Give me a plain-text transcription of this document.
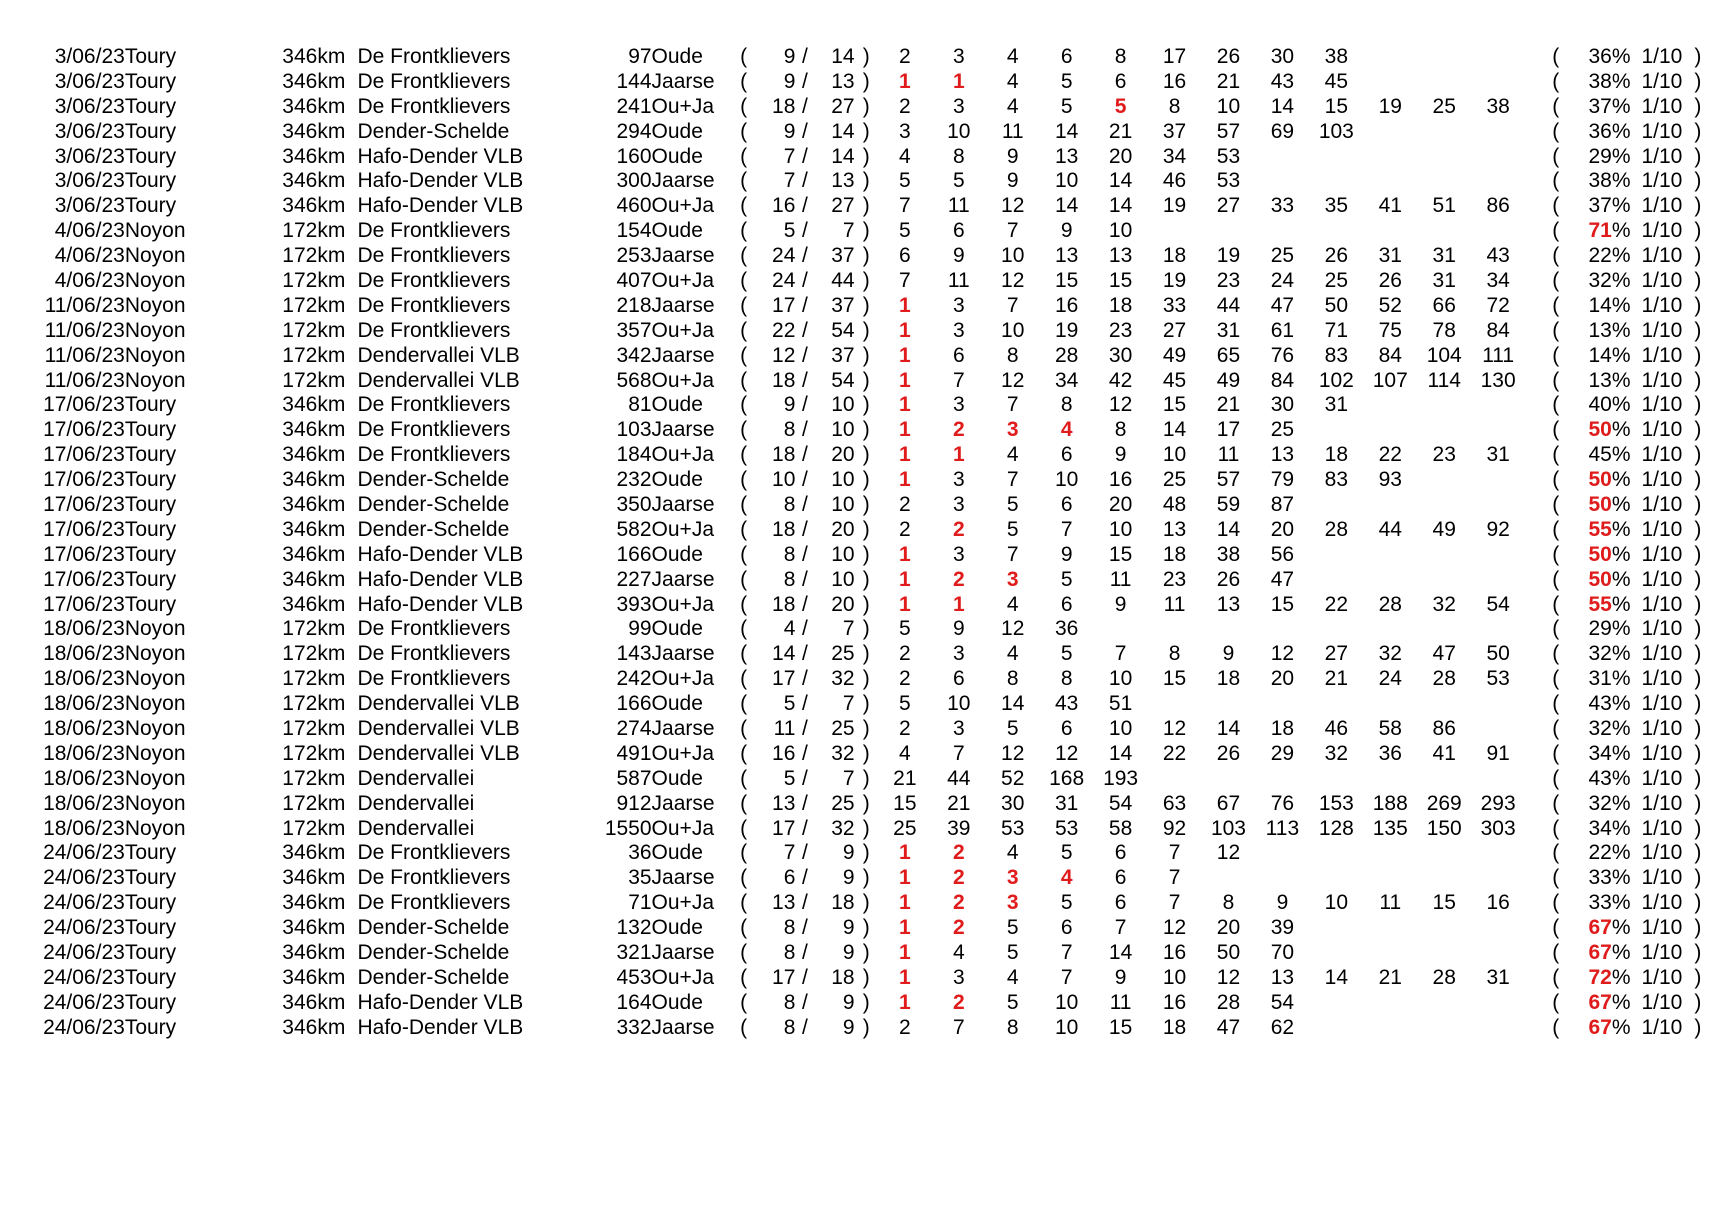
3/06/23	Toury	346	km	De Frontklievers	97	Oude	(	9	/	14	)	2	3	4	6	8	17	26	30	38					(	36	%	1/10	)
3/06/23	Toury	346	km	De Frontklievers	144	Jaarse	(	9	/	13	)	1	1	4	5	6	16	21	43	45					(	38	%	1/10	)
3/06/23	Toury	346	km	De Frontklievers	241	Ou+Ja	(	18	/	27	)	2	3	4	5	5	8	10	14	15	19	25	38		(	37	%	1/10	)
3/06/23	Toury	346	km	Dender-Schelde	294	Oude	(	9	/	14	)	3	10	11	14	21	37	57	69	103					(	36	%	1/10	)
3/06/23	Toury	346	km	Hafo-Dender VLB	160	Oude	(	7	/	14	)	4	8	9	13	20	34	53							(	29	%	1/10	)
3/06/23	Toury	346	km	Hafo-Dender VLB	300	Jaarse	(	7	/	13	)	5	5	9	10	14	46	53							(	38	%	1/10	)
3/06/23	Toury	346	km	Hafo-Dender VLB	460	Ou+Ja	(	16	/	27	)	7	11	12	14	14	19	27	33	35	41	51	86		(	37	%	1/10	)
4/06/23	Noyon	172	km	De Frontklievers	154	Oude	(	5	/	7	)	5	6	7	9	10									(	71	%	1/10	)
4/06/23	Noyon	172	km	De Frontklievers	253	Jaarse	(	24	/	37	)	6	9	10	13	13	18	19	25	26	31	31	43		(	22	%	1/10	)
4/06/23	Noyon	172	km	De Frontklievers	407	Ou+Ja	(	24	/	44	)	7	11	12	15	15	19	23	24	25	26	31	34		(	32	%	1/10	)
11/06/23	Noyon	172	km	De Frontklievers	218	Jaarse	(	17	/	37	)	1	3	7	16	18	33	44	47	50	52	66	72		(	14	%	1/10	)
11/06/23	Noyon	172	km	De Frontklievers	357	Ou+Ja	(	22	/	54	)	1	3	10	19	23	27	31	61	71	75	78	84		(	13	%	1/10	)
11/06/23	Noyon	172	km	Dendervallei VLB	342	Jaarse	(	12	/	37	)	1	6	8	28	30	49	65	76	83	84	104	111		(	14	%	1/10	)
11/06/23	Noyon	172	km	Dendervallei VLB	568	Ou+Ja	(	18	/	54	)	1	7	12	34	42	45	49	84	102	107	114	130		(	13	%	1/10	)
17/06/23	Toury	346	km	De Frontklievers	81	Oude	(	9	/	10	)	1	3	7	8	12	15	21	30	31					(	40	%	1/10	)
17/06/23	Toury	346	km	De Frontklievers	103	Jaarse	(	8	/	10	)	1	2	3	4	8	14	17	25						(	50	%	1/10	)
17/06/23	Toury	346	km	De Frontklievers	184	Ou+Ja	(	18	/	20	)	1	1	4	6	9	10	11	13	18	22	23	31		(	45	%	1/10	)
17/06/23	Toury	346	km	Dender-Schelde	232	Oude	(	10	/	10	)	1	3	7	10	16	25	57	79	83	93				(	50	%	1/10	)
17/06/23	Toury	346	km	Dender-Schelde	350	Jaarse	(	8	/	10	)	2	3	5	6	20	48	59	87						(	50	%	1/10	)
17/06/23	Toury	346	km	Dender-Schelde	582	Ou+Ja	(	18	/	20	)	2	2	5	7	10	13	14	20	28	44	49	92		(	55	%	1/10	)
17/06/23	Toury	346	km	Hafo-Dender VLB	166	Oude	(	8	/	10	)	1	3	7	9	15	18	38	56						(	50	%	1/10	)
17/06/23	Toury	346	km	Hafo-Dender VLB	227	Jaarse	(	8	/	10	)	1	2	3	5	11	23	26	47						(	50	%	1/10	)
17/06/23	Toury	346	km	Hafo-Dender VLB	393	Ou+Ja	(	18	/	20	)	1	1	4	6	9	11	13	15	22	28	32	54		(	55	%	1/10	)
18/06/23	Noyon	172	km	De Frontklievers	99	Oude	(	4	/	7	)	5	9	12	36										(	29	%	1/10	)
18/06/23	Noyon	172	km	De Frontklievers	143	Jaarse	(	14	/	25	)	2	3	4	5	7	8	9	12	27	32	47	50		(	32	%	1/10	)
18/06/23	Noyon	172	km	De Frontklievers	242	Ou+Ja	(	17	/	32	)	2	6	8	8	10	15	18	20	21	24	28	53		(	31	%	1/10	)
18/06/23	Noyon	172	km	Dendervallei VLB	166	Oude	(	5	/	7	)	5	10	14	43	51									(	43	%	1/10	)
18/06/23	Noyon	172	km	Dendervallei VLB	274	Jaarse	(	11	/	25	)	2	3	5	6	10	12	14	18	46	58	86			(	32	%	1/10	)
18/06/23	Noyon	172	km	Dendervallei VLB	491	Ou+Ja	(	16	/	32	)	4	7	12	12	14	22	26	29	32	36	41	91		(	34	%	1/10	)
18/06/23	Noyon	172	km	Dendervallei	587	Oude	(	5	/	7	)	21	44	52	168	193									(	43	%	1/10	)
18/06/23	Noyon	172	km	Dendervallei	912	Jaarse	(	13	/	25	)	15	21	30	31	54	63	67	76	153	188	269	293		(	32	%	1/10	)
18/06/23	Noyon	172	km	Dendervallei	1550	Ou+Ja	(	17	/	32	)	25	39	53	53	58	92	103	113	128	135	150	303		(	34	%	1/10	)
24/06/23	Toury	346	km	De Frontklievers	36	Oude	(	7	/	9	)	1	2	4	5	6	7	12							(	22	%	1/10	)
24/06/23	Toury	346	km	De Frontklievers	35	Jaarse	(	6	/	9	)	1	2	3	4	6	7								(	33	%	1/10	)
24/06/23	Toury	346	km	De Frontklievers	71	Ou+Ja	(	13	/	18	)	1	2	3	5	6	7	8	9	10	11	15	16		(	33	%	1/10	)
24/06/23	Toury	346	km	Dender-Schelde	132	Oude	(	8	/	9	)	1	2	5	6	7	12	20	39						(	67	%	1/10	)
24/06/23	Toury	346	km	Dender-Schelde	321	Jaarse	(	8	/	9	)	1	4	5	7	14	16	50	70						(	67	%	1/10	)
24/06/23	Toury	346	km	Dender-Schelde	453	Ou+Ja	(	17	/	18	)	1	3	4	7	9	10	12	13	14	21	28	31		(	72	%	1/10	)
24/06/23	Toury	346	km	Hafo-Dender VLB	164	Oude	(	8	/	9	)	1	2	5	10	11	16	28	54						(	67	%	1/10	)
24/06/23	Toury	346	km	Hafo-Dender VLB	332	Jaarse	(	8	/	9	)	2	7	8	10	15	18	47	62						(	67	%	1/10	)
